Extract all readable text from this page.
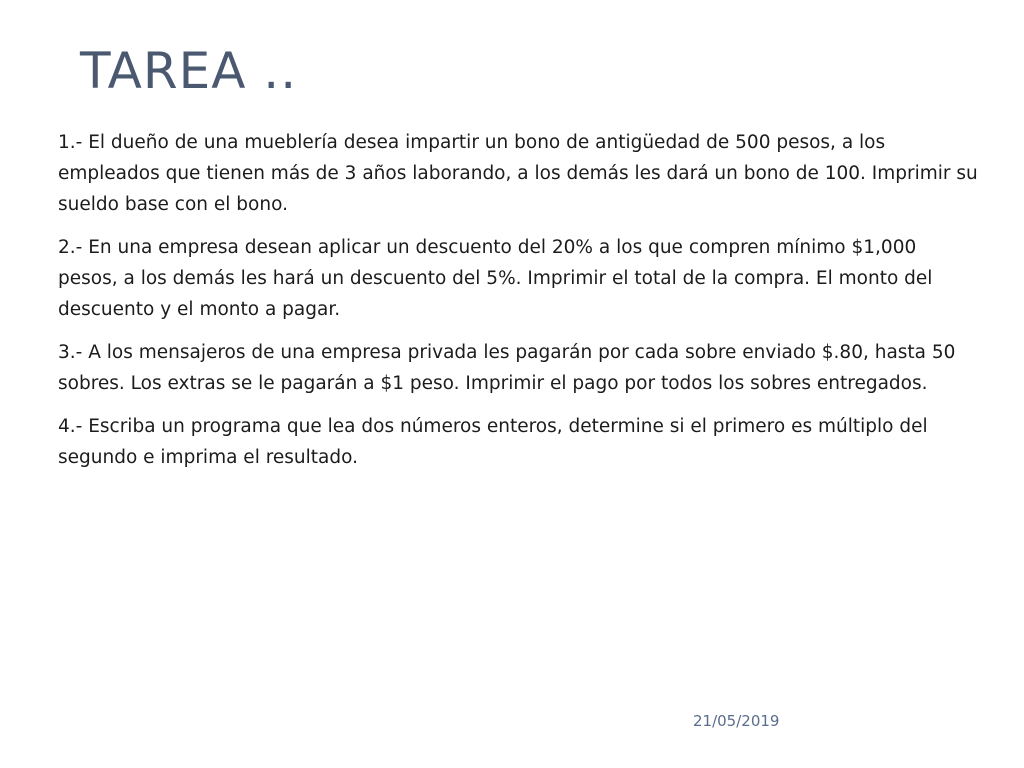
TAREA ..

1.- El dueño de una mueblería desea impartir un bono de antigüedad de 500 pesos, a los empleados que tienen más de 3 años laborando, a los demás les dará un bono de 100. Imprimir su sueldo base con el bono.

2.- En una empresa desean aplicar un descuento del 20% a los que compren mínimo $1,000 pesos, a los demás les hará un descuento del 5%. Imprimir el total de la compra. El monto del descuento y el monto a pagar.

3.- A los mensajeros de una empresa privada les pagarán por cada sobre enviado $.80, hasta 50 sobres. Los extras se le pagarán a $1 peso. Imprimir el pago por todos los sobres entregados.

4.- Escriba un programa que lea dos números enteros, determine si el primero es múltiplo del segundo e imprima el resultado.

21/05/2019
